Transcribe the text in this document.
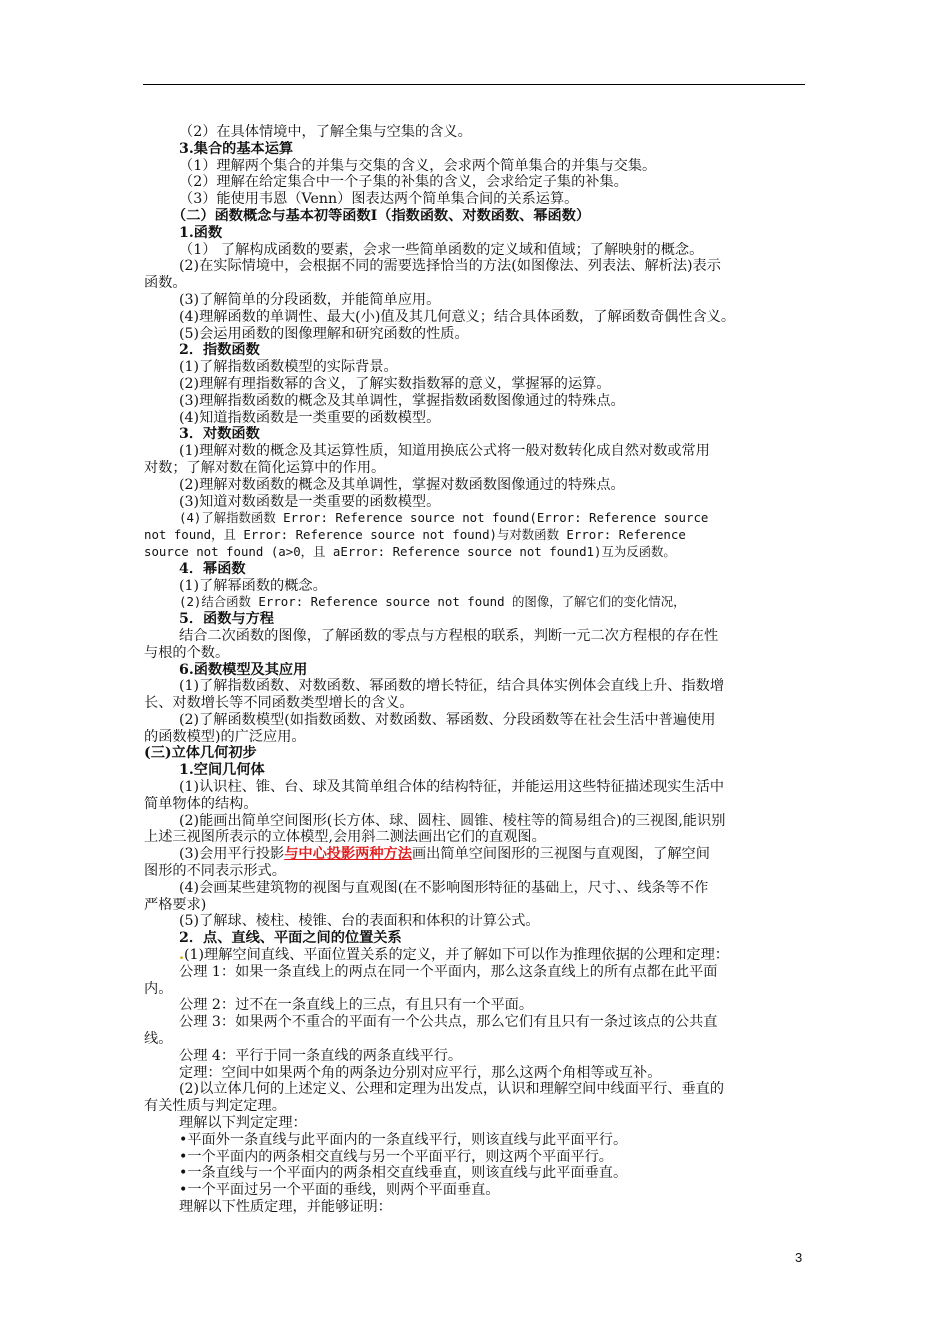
（2）在具体情境中，了解全集与空集的含义。
3.集合的基本运算
（1）理解两个集合的并集与交集的含义，会求两个简单集合的并集与交集。
（2）理解在给定集合中一个子集的补集的含义，会求给定子集的补集。
（3）能使用韦恩（Venn）图表达两个简单集合间的关系运算。
（二）函数概念与基本初等函数Ⅰ（指数函数、对数函数、幂函数）
1.函数
（1） 了解构成函数的要素，会求一些简单函数的定义域和值域；了解映射的概念。
(2)在实际情境中，会根据不同的需要选择恰当的方法(如图像法、列表法、解析法)表示
函数。
(3)了解简单的分段函数，并能简单应用。
(4)理解函数的单调性、最大(小)值及其几何意义；结合具体函数，了解函数奇偶性含义。
(5)会运用函数的图像理解和研究函数的性质。
2．指数函数
(1)了解指数函数模型的实际背景。
(2)理解有理指数幂的含义，了解实数指数幂的意义，掌握幂的运算。
(3)理解指数函数的概念及其单调性，掌握指数函数图像通过的特殊点。
(4)知道指数函数是一类重要的函数模型。
3．对数函数
(1)理解对数的概念及其运算性质，知道用换底公式将一般对数转化成自然对数或常用
对数；了解对数在简化运算中的作用。
(2)理解对数函数的概念及其单调性，掌握对数函数图像通过的特殊点。
(3)知道对数函数是一类重要的函数模型。
(4)了解指数函数 Error: Reference source not found(Error: Reference source
not found，且 Error: Reference source not found)与对数函数 Error: Reference
source not found (a>0，且 aError: Reference source not found1)互为反函数。
4．幂函数
(1)了解幂函数的概念。
(2)结合函数 Error: Reference source not found 的图像，了解它们的变化情况，
5．函数与方程
结合二次函数的图像，了解函数的零点与方程根的联系，判断一元二次方程根的存在性
与根的个数。
6.函数模型及其应用
(1)了解指数函数、对数函数、幂函数的增长特征，结合具体实例体会直线上升、指数增
长、对数增长等不同函数类型增长的含义。
(2)了解函数模型(如指数函数、对数函数、幂函数、分段函数等在社会生活中普遍使用
的函数模型)的广泛应用。
(三)立体几何初步
1.空间几何体
(1)认识柱、锥、台、球及其简单组合体的结构特征，并能运用这些特征描述现实生活中
简单物体的结构。
(2)能画出简单空间图形(长方体、球、圆柱、圆锥、棱柱等的简易组合)的三视图,能识别
上述三视图所表示的立体模型,会用斜二测法画出它们的直观图。
(3)会用平行投影与中心投影两种方法画出简单空间图形的三视图与直观图，了解空间
图形的不同表示形式。
(4)会画某些建筑物的视图与直观图(在不影响图形特征的基础上，尺寸、、线条等不作
严格要求)
(5)了解球、棱柱、棱锥、台的表面积和体积的计算公式。
2．点、直线、平面之间的位置关系
.(1)理解空间直线、平面位置关系的定义，并了解如下可以作为推理依据的公理和定理：
公理 1：如果一条直线上的两点在同一个平面内，那么这条直线上的所有点都在此平面
内。
公理 2：过不在一条直线上的三点，有且只有一个平面。
公理 3：如果两个不重合的平面有一个公共点，那么它们有且只有一条过该点的公共直
线。
公理 4：平行于同一条直线的两条直线平行。
定理：空间中如果两个角的两条边分别对应平行，那么这两个角相等或互补。
(2)以立体几何的上述定义、公理和定理为出发点，认识和理解空间中线面平行、垂直的
有关性质与判定定理。
理解以下判定定理：
•平面外一条直线与此平面内的一条直线平行，则该直线与此平面平行。
•一个平面内的两条相交直线与另一个平面平行，则这两个平面平行。
•一条直线与一个平面内的两条相交直线垂直，则该直线与此平面垂直。
•一个平面过另一个平面的垂线，则两个平面垂直。
理解以下性质定理，并能够证明：
3
